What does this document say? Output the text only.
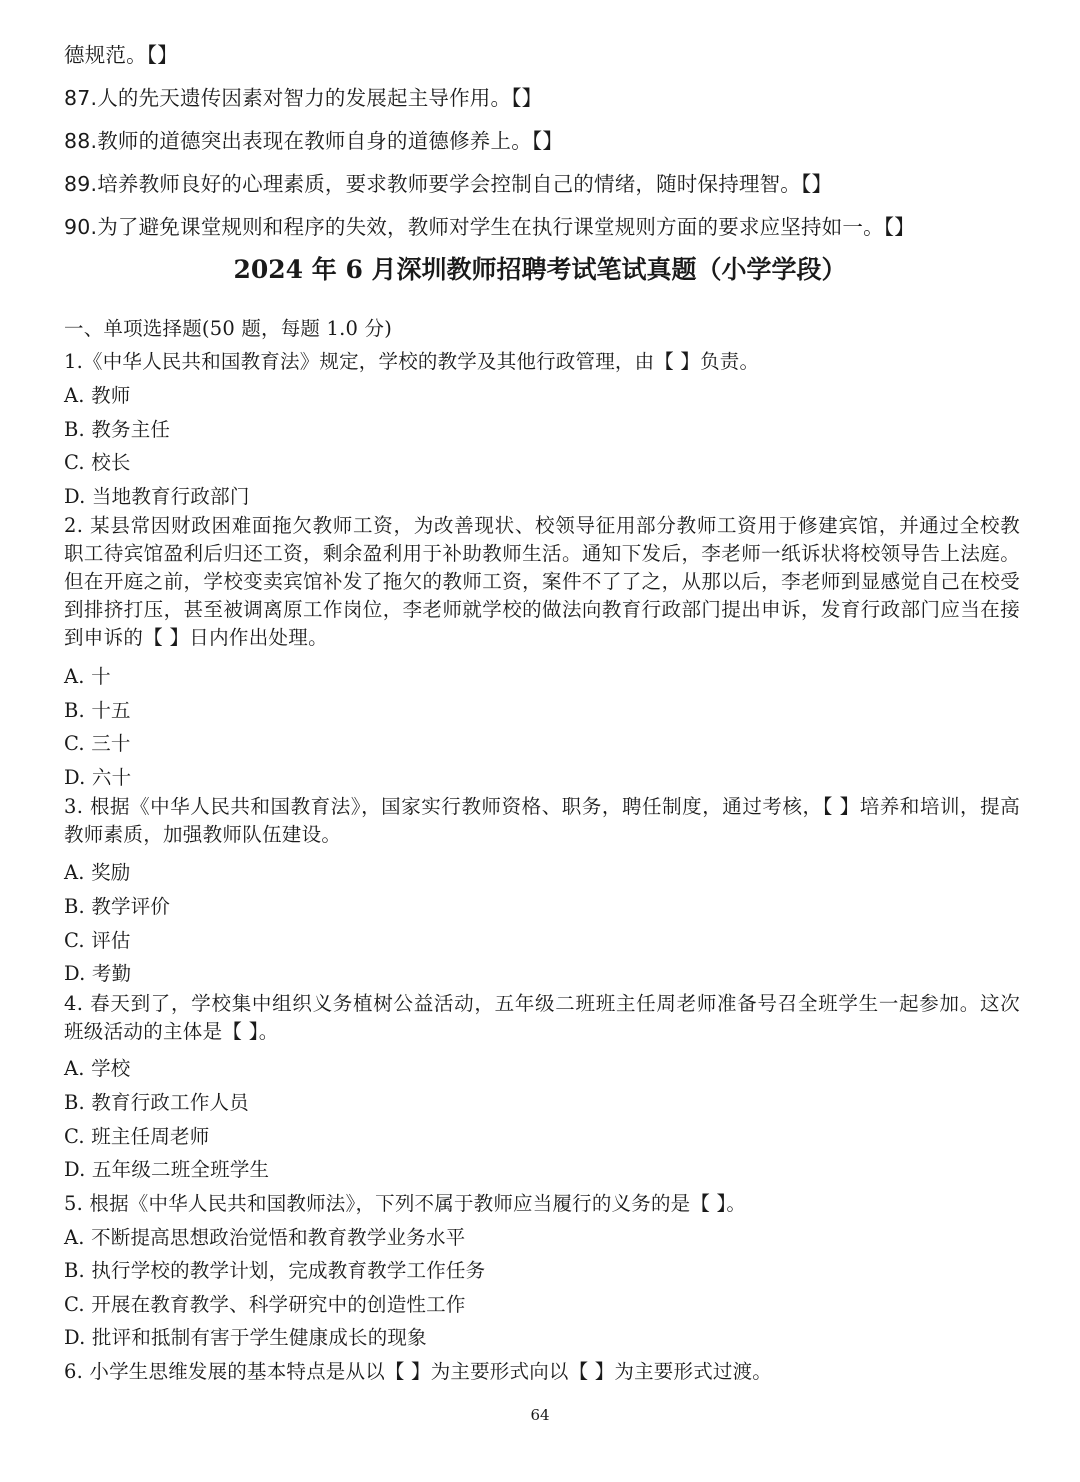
德规范。【】
87.人的先天遗传因素对智力的发展起主导作用。【】
88.教师的道德突出表现在教师自身的道德修养上。【】
89.培养教师良好的心理素质，要求教师要学会控制自己的情绪，随时保持理智。【】
90.为了避免课堂规则和程序的失效，教师对学生在执行课堂规则方面的要求应坚持如一。【】
2024 年 6 月深圳教师招聘考试笔试真题（小学学段）
一、单项选择题(50 题，每题 1.0 分)
1.《中华人民共和国教育法》规定，学校的教学及其他行政管理，由【 】负责。
A. 教师
B. 教务主任
C. 校长
D. 当地教育行政部门
2. 某县常因财政困难面拖欠教师工资，为改善现状、校领导征用部分教师工资用于修建宾馆，并通过全校教职工待宾馆盈利后归还工资，剩余盈利用于补助教师生活。通知下发后，李老师一纸诉状将校领导告上法庭。但在开庭之前，学校变卖宾馆补发了拖欠的教师工资，案件不了了之，从那以后，李老师到显感觉自己在校受到排挤打压，甚至被调离原工作岗位，李老师就学校的做法向教育行政部门提出申诉，发育行政部门应当在接到申诉的【 】日内作出处理。
A. 十
B. 十五
C. 三十
D. 六十
3. 根据《中华人民共和国教育法》，国家实行教师资格、职务，聘任制度，通过考核，【 】培养和培训，提高教师素质，加强教师队伍建设。
A. 奖励
B. 教学评价
C. 评估
D. 考勤
4. 春天到了，学校集中组织义务植树公益活动，五年级二班班主任周老师准备号召全班学生一起参加。这次班级活动的主体是【 】。
A. 学校
B. 教育行政工作人员
C. 班主任周老师
D. 五年级二班全班学生
5. 根据《中华人民共和国教师法》，下列不属于教师应当履行的义务的是【 】。
A. 不断提高思想政治觉悟和教育教学业务水平
B. 执行学校的教学计划，完成教育教学工作任务
C. 开展在教育教学、科学研究中的创造性工作
D. 批评和抵制有害于学生健康成长的现象
6. 小学生思维发展的基本特点是从以【 】为主要形式向以【 】为主要形式过渡。
64
